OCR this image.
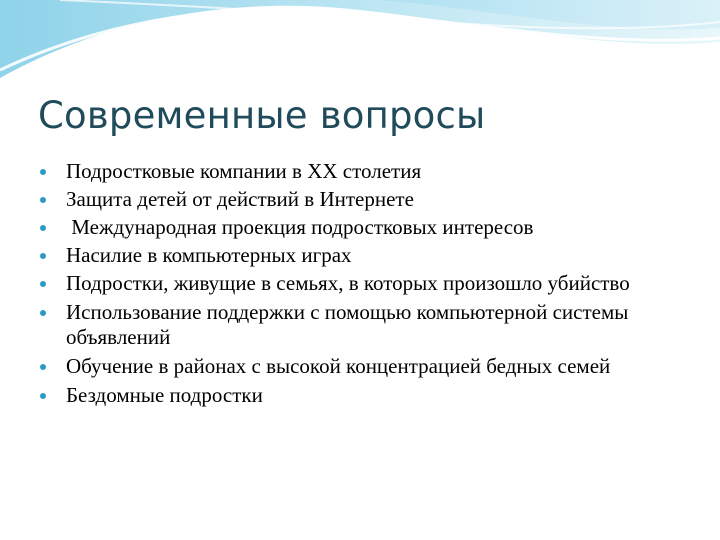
Современные вопросы
Подростковые компании в XX столетия
Защита детей от действий в Интернете
Международная проекция подростковых интересов
Насилие в компьютерных играх
Подростки, живущие в семьях, в которых произошло убийство
Использование поддержки с помощью компьютерной системы объявлений
Обучение в районах с высокой концентрацией бедных семей
Бездомные подростки
